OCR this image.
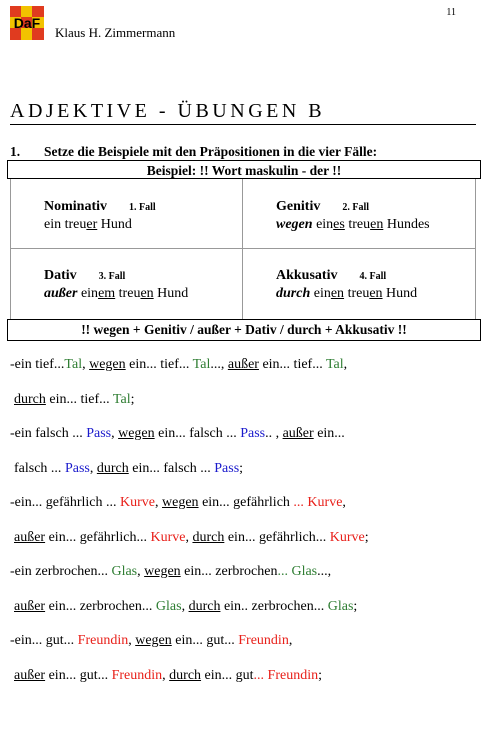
11
DaF
Klaus H. Zimmermann
ADJEKTIVE - ÜBUNGEN B
1. Setze die Beispiele mit den Präpositionen in die vier Fälle:
Beispiel: !! Wort maskulin - der !!
Nominativ 1. Fall
ein treuer Hund
Genitiv 2. Fall
wegen eines treuen Hundes
Dativ 3. Fall
außer einem treuen Hund
Akkusativ 4. Fall
durch einen treuen Hund
!! wegen + Genitiv / außer + Dativ / durch + Akkusativ !!
-ein tief...Tal, wegen ein... tief... Tal..., außer ein... tief... Tal,
durch ein... tief... Tal;
-ein falsch ... Pass, wegen ein... falsch ... Pass.. , außer ein...
falsch ... Pass, durch ein... falsch ... Pass;
-ein... gefährlich ... Kurve, wegen ein... gefährlich ... Kurve,
außer ein... gefährlich... Kurve, durch ein... gefährlich... Kurve;
-ein zerbrochen... Glas, wegen ein... zerbrochen... Glas...,
außer ein... zerbrochen... Glas, durch ein.. zerbrochen... Glas;
-ein... gut... Freundin, wegen ein... gut... Freundin,
außer ein... gut... Freundin, durch ein... gut... Freundin;
